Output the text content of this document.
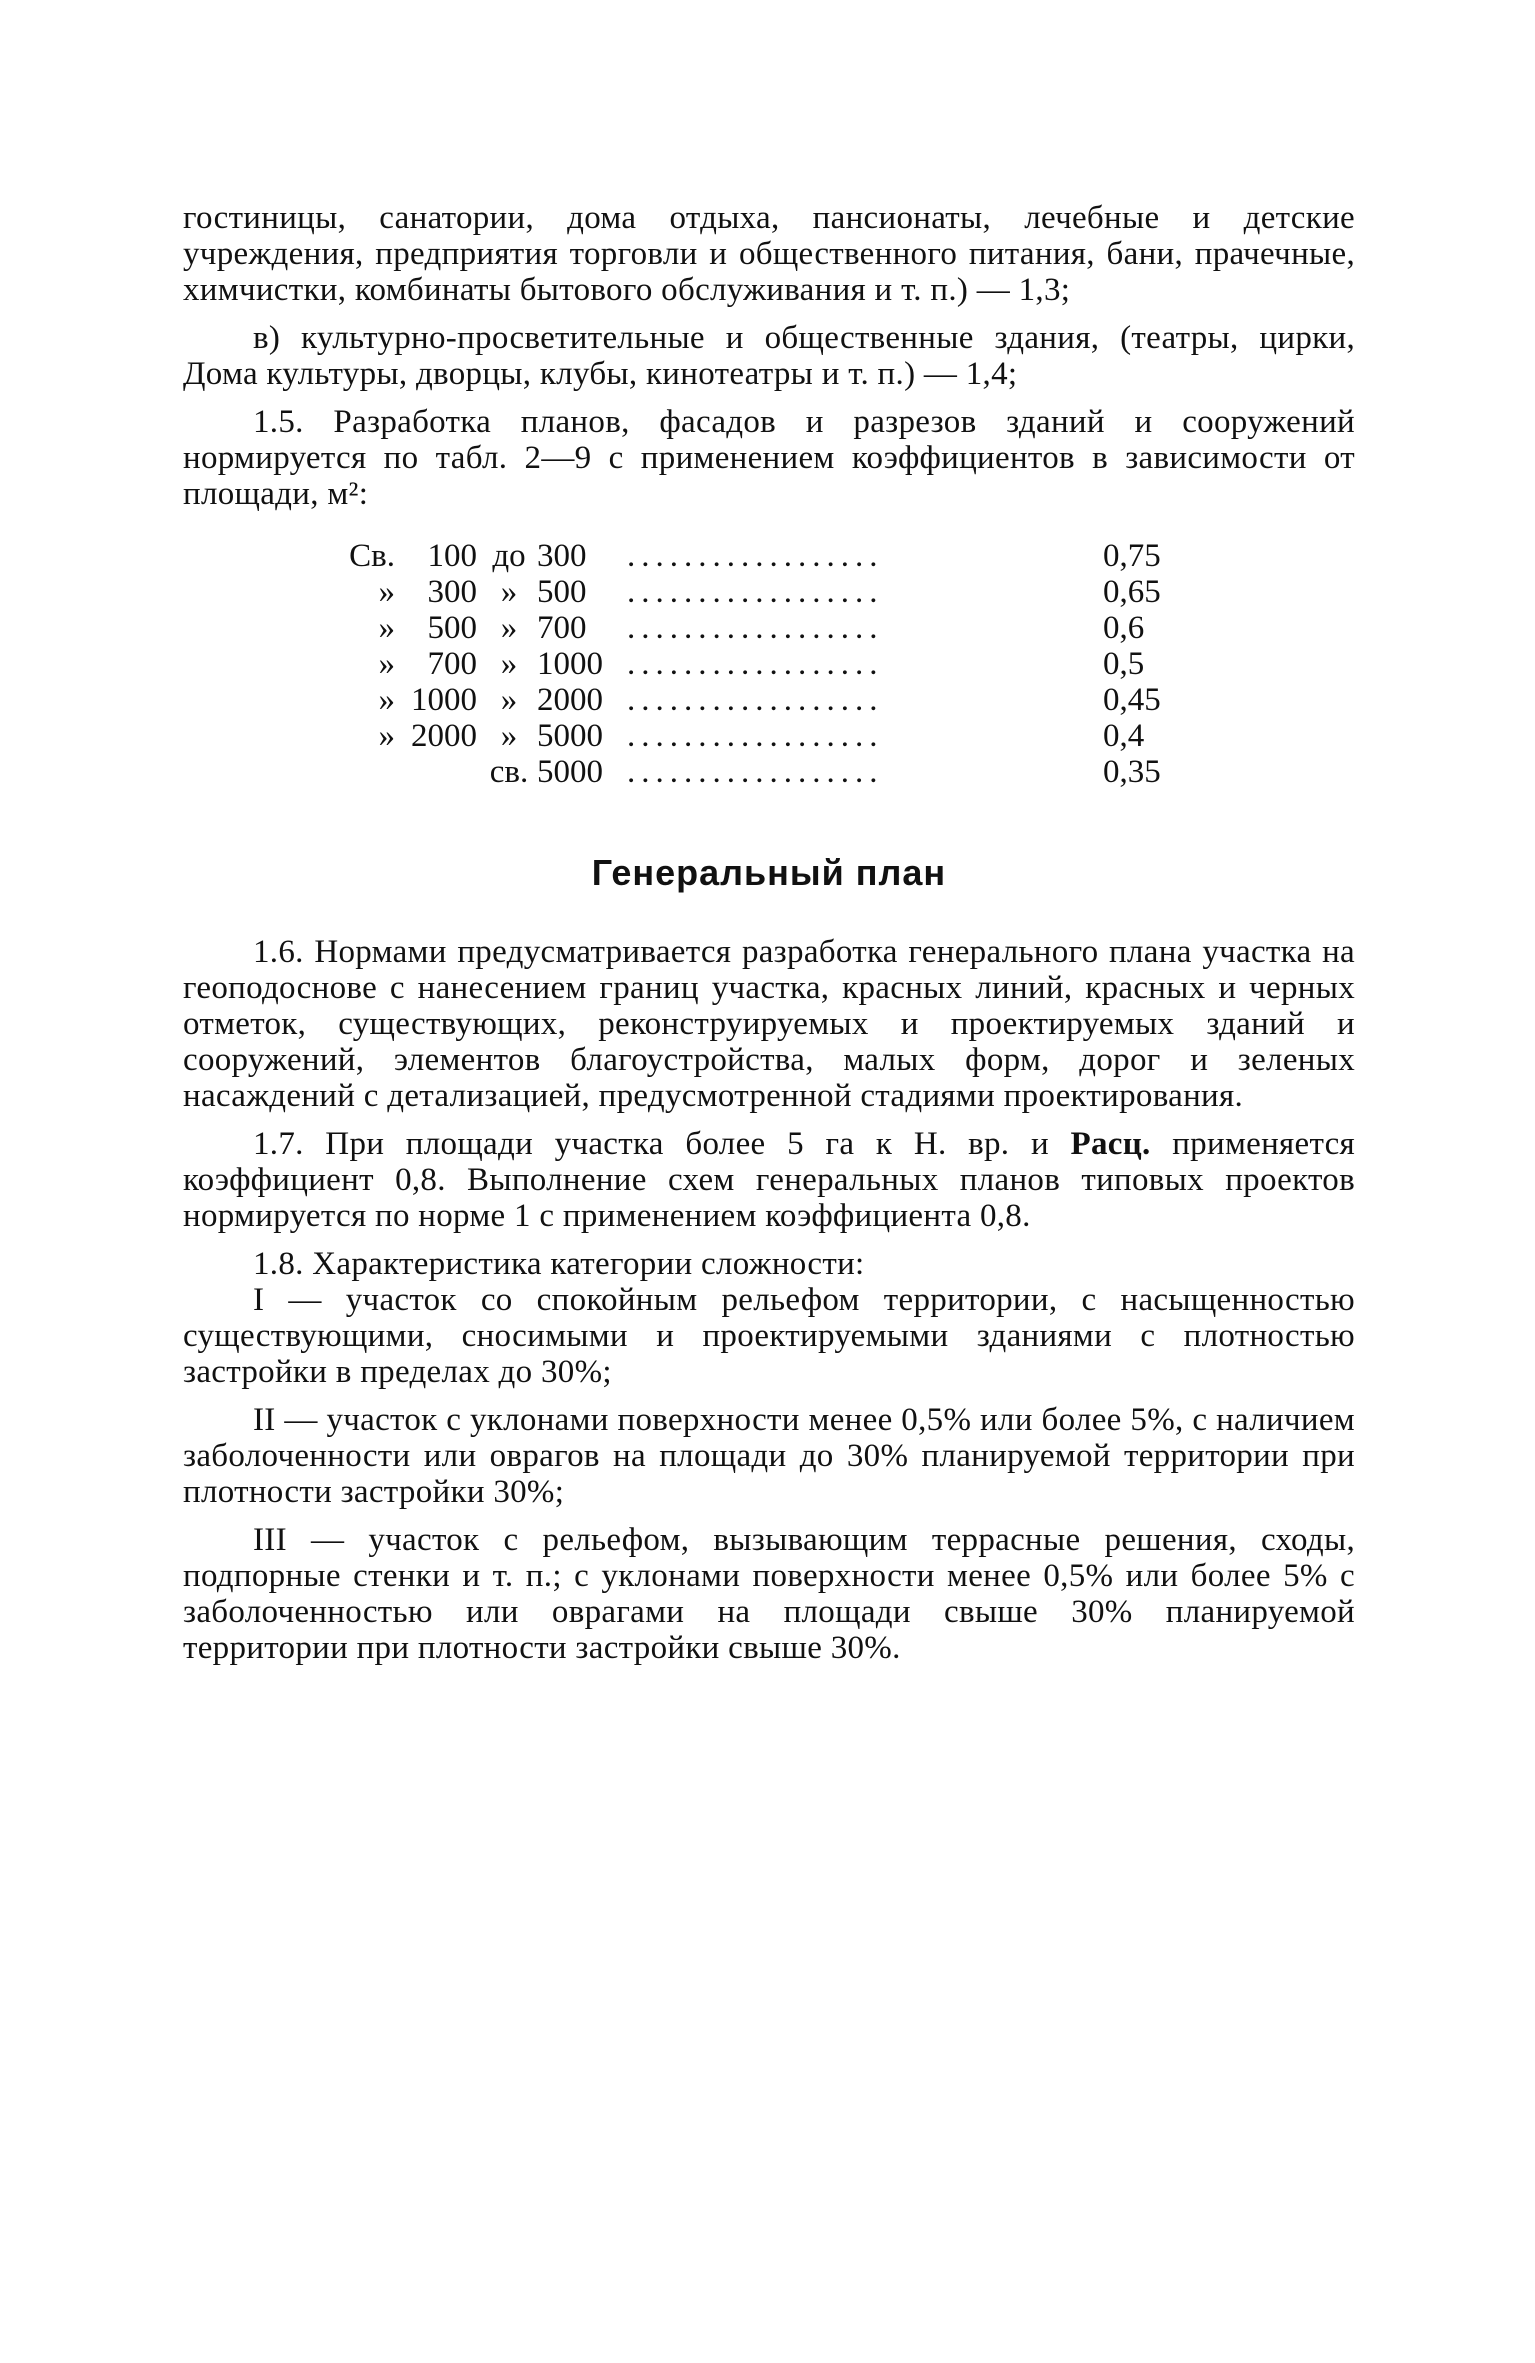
гостиницы, санатории, дома отдыха, пансионаты, лечебные и детские учреждения, предприятия торговли и общественного питания, бани, прачечные, химчистки, комбинаты бытового обслуживания и т. п.) — 1,3;

в) культурно-просветительные и общественные здания, (театры, цирки, Дома культуры, дворцы, клубы, кинотеатры и т. п.) — 1,4;

1.5. Разработка планов, фасадов и разрезов зданий и сооружений нормируется по табл. 2—9 с применением коэффициентов в зависимости от площади, м²:

Св. 100 до 300	..................	0,75
» 300 » 500	..................	0,65
» 500 » 700	..................	0,6
» 700 » 1000 ..................	0,5
» 1000 » 2000 ..................	0,45
» 2000 » 5000 ..................	0,4
св. 5000 ..................	0,35
Генеральный план

1.6. Нормами предусматривается разработка генерального плана участка на геоподоснове с нанесением границ участка, красных линий, красных и черных отметок, существующих, реконструируемых и проектируемых зданий и сооружений, элементов благоустройства, малых форм, дорог и зеленых насаждений с детализацией, предусмотренной стадиями проектирования.

1.7. При площади участка более 5 га к Н. вр. и Расц. применяется коэффициент 0,8. Выполнение схем генеральных планов типовых проектов нормируется по норме 1 с применением коэффициента 0,8.

1.8. Характеристика категории сложности:

I — участок со спокойным рельефом территории, с насыщенностью существующими, сносимыми и проектируемыми зданиями с плотностью застройки в пределах до 30%;

II — участок с уклонами поверхности менее 0,5% или более 5%, с наличием заболоченности или оврагов на площади до 30% планируемой территории при плотности застройки 30%;

III — участок с рельефом, вызывающим террасные решения, сходы, подпорные стенки и т. п.; с уклонами поверхности менее 0,5% или более 5% с заболоченностью или оврагами на площади свыше 30% планируемой территории при плотности застройки свыше 30%.
